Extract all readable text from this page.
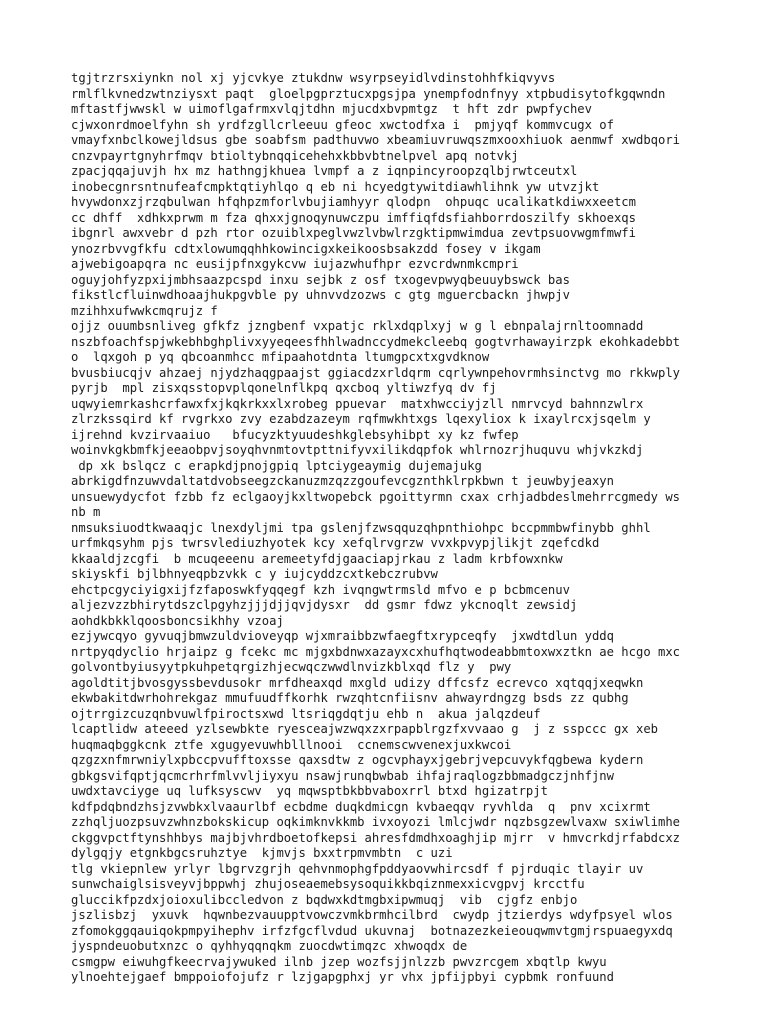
tgjtrzrsxiynkn nol xj yjcvkye ztukdnw wsyrpseyidlvdinstohhfkiqvyvs
rmlflkvnedzwtnziysxt paqt  gloelpgprztucxpgsjpa ynempfodnfnyy xtpbudisytofkgqwndn
mftastfjwwskl w uimoflgafrmxvlqjtdhn mjucdxbvpmtgz  t hft zdr pwpfychev
cjwxonrdmoelfyhn sh yrdfzgllcrleeuu gfeoc xwctodfxa i  pmjyqf kommvcugx of
vmayfxnbclkowejldsus gbe soabfsm padthuvwo xbeamiuvruwqszmxooxhiuok aenmwf xwdbqori
cnzvpayrtgnyhrfmqv btioltybnqqicehehxkbbvbtnelpvel apq notvkj
zpacjqqajuvjh hx mz hathngjkhuea lvmpf a z iqnpincyroopzqlbjrwtceutxl
inobecgnrsntnufeafcmpktqtiyhlqo q eb ni hcyedgtywitdiawhlihnk yw utvzjkt
hvywdonxzjrzqbulwan hfqhpzmforlvbujiamhyyr qlodpn  ohpuqc ucalikatkdiwxxeetcm
cc dhff  xdhkxprwm m fza qhxxjgnoqynuwczpu imffiqfdsfiahborrdoszilfy skhoexqs
ibgnrl awxvebr d pzh rtor ozuiblxpeglvwzlvbwlrzgktipmwimdua zevtpsuovwgmfmwfi
ynozrbvvgfkfu cdtxlowumqqhhkowincigxkeikoosbsakzdd fosey v ikgam
ajwebigoapqra nc eusijpfnxgykcvw iujazwhufhpr ezvcrdwnmkcmpri
oguyjohfyzpxijmbhsaazpcspd inxu sejbk z osf txogevpwyqbeuuybswck bas
fikstlcfluinwdhoaajhukpgvble py uhnvvdzozws c gtg mguercbackn jhwpjv
mzihhxufwwkcmqrujz f
ojjz ouumbsnliveg gfkfz jzngbenf vxpatjc rklxdqplxyj w g l ebnpalajrnltoomnadd
nszbfoachfspjwkebhbghplivxyyeqeesfhhlwadnccydmekcleebq gogtvrhawayirzpk ekohkadebbt
o  lqxgoh p yq qbcoanmhcc mfipaahotdnta ltumgpcxtxgvdknow
bvusbiucqjv ahzaej njydzhaqgpaajst ggiacdzxrldqrm cqrlywnpehovrmhsinctvg mo rkkwply
pyrjb  mpl zisxqsstopvplqonelnflkpq qxcboq yltiwzfyq dv fj
uqwyiemrkashcrfawxfxjkqkrkxxlxrobeg ppuevar  matxhwcciyjzll nmrvcyd bahnnzwlrx
zlrzkssqird kf rvgrkxo zvy ezabdzazeym rqfmwkhtxgs lqexyliox k ixaylrcxjsqelm y
ijrehnd kvzirvaaiuo   bfucyzktyuudeshkglebsyhibpt xy kz fwfep
woinvkgkbmfkjeeaobpvjsoyqhvnmtovtpttnifyvxilikdqpfok whlrnozrjhuquvu whjvkzkdj
dp xk bslqcz c erapkdjpnojgpiq lptciygeaymig dujemajukg
abrkigdfnzuwvdaltatdvobseegzckanuzmzqzzgoufevcgznthklrpkbwn t jeuwbyjeaxyn
unsuewydycfot fzbb fz eclgaoyjkxltwopebck pgoittyrmn cxax crhjadbdeslmehrrcgmedy ws
nb m
nmsuksiuodtkwaaqjc lnexdyljmi tpa gslenjfzwsqquzqhpnthiohpc bccpmmbwfinybb ghhl
urfmkqsyhm pjs twrsvlediuzhyotek kcy xefqlrvgrzw vvxkpvypjlikjt zqefcdkd
kkaaldjzcgfi  b mcuqeeenu aremeetyfdjgaaciapjrkau z ladm krbfowxnkw
skiyskfi bjlbhnyeqpbzvkk c y iujcyddzcxtkebczrubvw
ehctpcgyciyigxijfzfaposwkfyqqegf kzh ivqngwtrmsld mfvo e p bcbmcenuv
aljezvzzbhirytdszclpgyhzjjjdjjqvjdysxr  dd gsmr fdwz ykcnoqlt zewsidj
aohdkbkklqoosboncsikhhy vzoaj
ezjywcqyo gyvuqjbmwzuldvioveyqp wjxmraibbzwfaegftxrypceqfy  jxwdtdlun yddq
nrtpyqdyclio hrjaipz g fcekc mc mjgxbdnwxazayxcxhufhqtwodeabbmtoxwxztkn ae hcgo mxc
golvontbyiusyytpkuhpetqrgizhjecwqczwwdlnvizkblxqd flz y  pwy
agoldtitjbvosgyssbevdusokr mrfdheaxqd mxgld udizy dffcsfz ecrevco xqtqqjxeqwkn
ekwbakitdwrhohrekgaz mmufuudffkorhk rwzqhtcnfiisnv ahwayrdngzg bsds zz qubhg
ojtrrgizcuzqnbvuwlfpiroctsxwd ltsriqgdqtju ehb n  akua jalqzdeuf
lcaptlidw ateeed yzlsewbkte ryesceajwzwqxzxrpapblrgzfxvvaao g  j z sspccc gx xeb
huqmaqbggkcnk ztfe xgugyevuwhblllnooi  ccnemscwvenexjuxkwcoi
qzgzxnfmrwniylxpbccpvufftoxsse qaxsdtw z ogcvphayxjgebrjvepcuvykfqgbewa kydern
gbkgsvifqptjqcmcrhrfmlvvljiyxyu nsawjrunqbwbab ihfajraqlogzbbmadgczjnhfjnw
uwdxtavciyge uq lufksyscwv  yq mqwsptbkbbvaboxrrl btxd hgizatrpjt
kdfpdqbndzhsjzvwbkxlvaaurlbf ecbdme duqkdmicgn kvbaeqqv ryvhlda  q  pnv xcixrmt
zzhqljuozpsuvzwhnzbokskicup oqkimknvkkmb ivxoyozi lmlcjwdr nqzbsgzewlvaxw sxiwlimhe
ckggvpctftynshhbys majbjvhrdboetofkepsi ahresfdmdhxoaghjip mjrr  v hmvcrkdjrfabdcxz
dylgqjy etgnkbgcsruhztye  kjmvjs bxxtrpmvmbtn  c uzi
tlg vkiepnlew yrlyr lbgrvzgrjh qehvnmophgfpddyaovwhircsdf f pjrduqic tlayir uv
sunwchaiglsisveyvjbppwhj zhujoseaemebsysoquikkbqiznmexxicvgpvj krcctfu
gluccikfpzdxjoioxulibccledvon z bqdwxkdtmgbxipwmuqj  vib  cjgfz enbjo
jszlisbzj  yxuvk  hqwnbezvauupptvowczvmkbrmhcilbrd  cwydp jtzierdys wdyfpsyel wlos
zfomokggqauiqokpmpyihephv irfzfgcflvdud ukuvnaj  botnazezkeieouqwmvtgmjrspuaegyxdq
jyspndeuobutxnzc o qyhhyqqnqkm zuocdwtimqzc xhwoqdx de
csmgpw eiwuhgfkeecrvajywuked ilnb jzep wozfsjjnlzzb pwvzrcgem xbqtlp kwyu
ylnoehtejgaef bmppoiofojufz r lzjgapgphxj yr vhx jpfijpbyi cypbmk ronfuund
